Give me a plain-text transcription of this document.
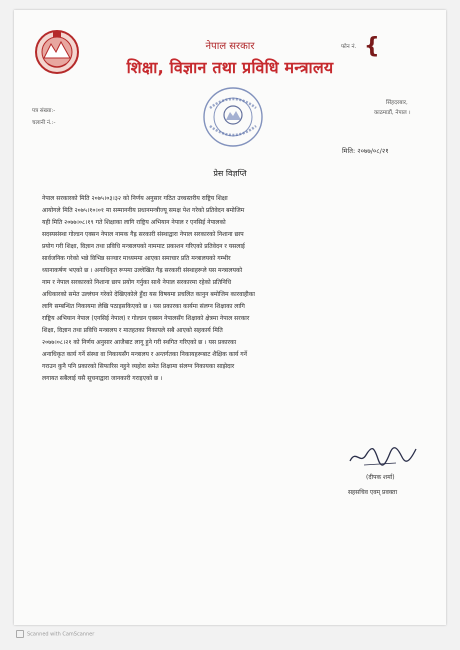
नेपाल सरकार
शिक्षा, विज्ञान तथा प्रविधि मन्त्रालय
फोन नं. {
सिंहदरबार,
काठमाडौं, नेपाल ।
पत्र संख्या:-
चलानी नं.:-
मिति: २०७७/०८/२१
प्रेस विज्ञप्ति
नेपाल सरकारको मिति २०७५।०३।३२ को निर्णय अनुसार गठित उच्चस्तरीय राष्ट्रिय शिक्षा
आयोगले मिति २०७५।१०।०१ मा सम्माननीय प्रधानमन्त्रीज्यू समक्ष पेश गरेको प्रतिवेदन बमोजिम
यही मिति २०७७।०८।१९ गते शिक्षाका लागि राष्ट्रिय अभियान नेपाल र एनसिई नेपालको
सदस्यसंस्था गोल्डन एक्सन नेपाल नामक गैह्र सरकारी संस्थाद्वारा नेपाल सरकारको निशाना छाप
प्रयोग गरी शिक्षा, विज्ञान तथा प्रविधि मन्त्रालयको नाममाट प्रकाशन गरिएको प्रतिवेदन र यसलाई
सार्वजनिक गरेको भन्ने विभिन्न सञ्चार माध्यममा आएका समाचार प्रति मन्त्रालयको गम्भीर
ध्यानाकर्षण भएको छ । अनाधिकृत रूपमा उल्लेखित गैह्र सरकारी संस्थाहरूले यस मन्त्रालयको
नाम र नेपाल सरकारको निशाना छाप प्रयोग गर्नुका साथै नेपाल सरकारमा रहेको प्रतिनिधि
अधिकारको समेत उल्लंघन गरेको देखिएकोले हुँदा यस विषयमा प्रचलित कानुन बमोजिम कारवाहीका
लागि सम्बन्धित निकायमा लेखि पठाइसकिएको छ । यस प्रकारका कार्यमा संलग्न शिक्षाका लागि
राष्ट्रिय अभियान नेपाल (एनसिई नेपाल) र गोल्डन एक्सन नेपालसँग शिक्षाको क्षेत्रमा नेपाल सरकार
शिक्षा, विज्ञान तथा प्रविधि मन्त्रालय र मातहतका निकायले सबै आएको सहकार्य मिति
२०७७।०८।२१ को निर्णय अनुसार आजैबाट लागू हुने गरी स्थगित गरिएको छ । यस प्रकारका
अनाधिकृत कार्य गर्ने संस्था वा निकायसँग मन्त्रालय र अन्तर्गतका निकायहरूबाट शैक्षिक कार्य गर्ने
गराउन कुनै पनि प्रकारको सिफारिस नहुने व्यहोरा समेत शिक्षामा संलग्न निकायका साझेदार
लगायत सबैलाई यसै सूचनाद्वारा जानकारी गराइएको छ ।
(दीपक शर्मा)
सहसचिव एवम् प्रवक्ता
Scanned with CamScanner
